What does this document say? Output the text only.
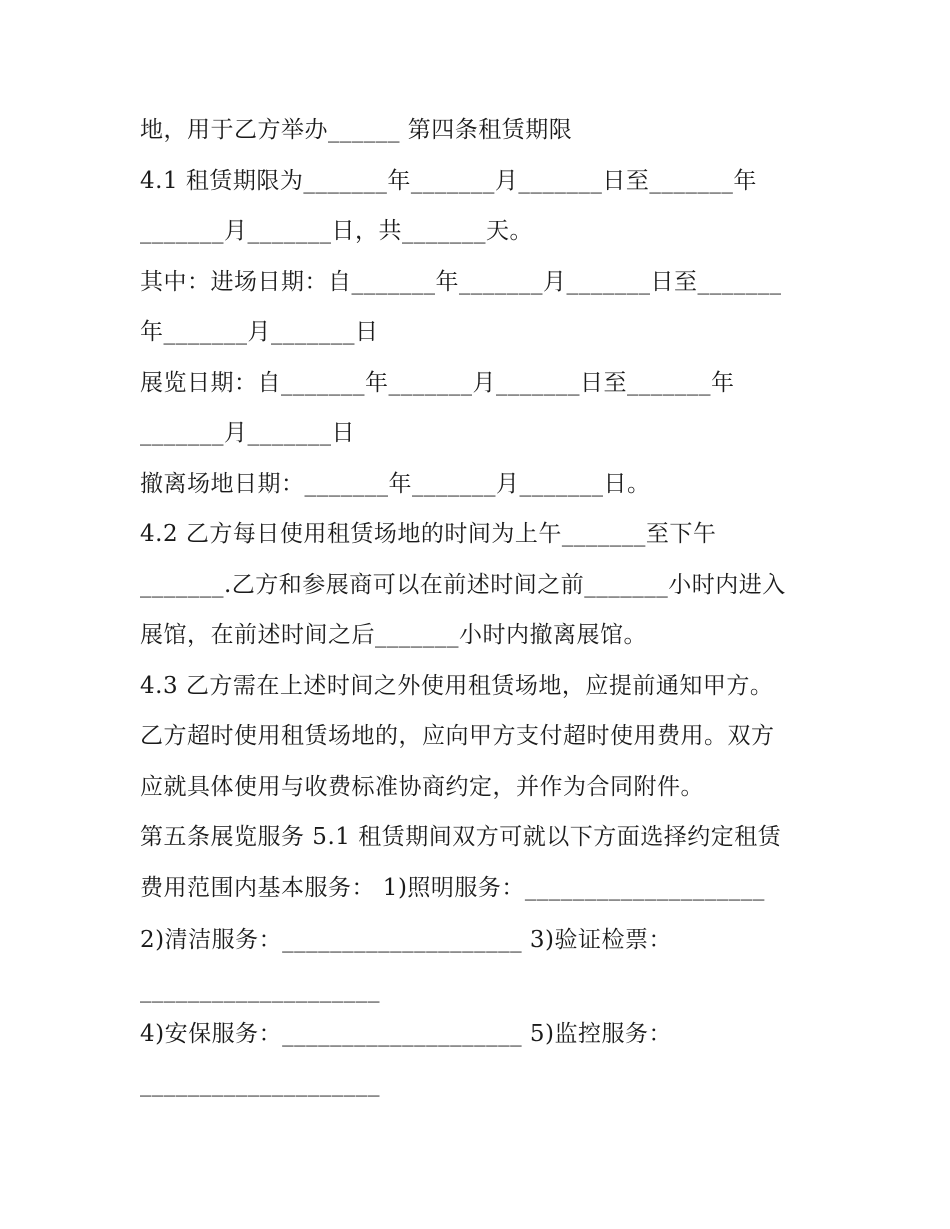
地，用于乙方举办______ 第四条租赁期限
4.1 租赁期限为_______年_______月_______日至_______年
_______月_______日，共_______天。
其中：进场日期：自_______年_______月_______日至_______
年_______月_______日
展览日期：自_______年_______月_______日至_______年
_______月_______日
撤离场地日期：_______年_______月_______日。
4.2 乙方每日使用租赁场地的时间为上午_______至下午
_______.乙方和参展商可以在前述时间之前_______小时内进入
展馆，在前述时间之后_______小时内撤离展馆。
4.3 乙方需在上述时间之外使用租赁场地，应提前通知甲方。
乙方超时使用租赁场地的，应向甲方支付超时使用费用。双方
应就具体使用与收费标准协商约定，并作为合同附件。
第五条展览服务 5.1 租赁期间双方可就以下方面选择约定租赁
费用范围内基本服务： 1)照明服务：____________________
2)清洁服务：____________________ 3)验证检票：
____________________
4)安保服务：____________________ 5)监控服务：
____________________
